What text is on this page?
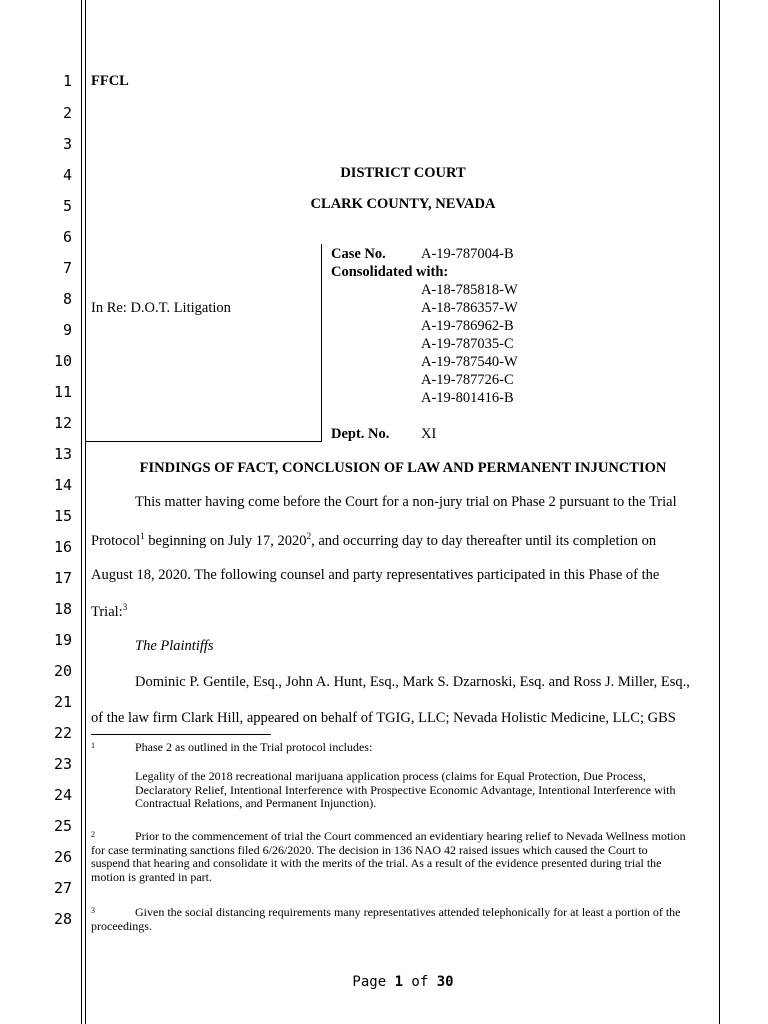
1
2
3
4
5
6
7
8
9
10
11
12
13
14
15
16
17
18
19
20
21
22
23
24
25
26
27
28
FFCL
DISTRICT COURT
CLARK COUNTY, NEVADA
In Re: D.O.T. Litigation
Case No. A-19-787004-B
Consolidated with:
A-18-785818-W
A-18-786357-W
A-19-786962-B
A-19-787035-C
A-19-787540-W
A-19-787726-C
A-19-801416-B
Dept. No. XI
FINDINGS OF FACT, CONCLUSION OF LAW AND PERMANENT INJUNCTION
This matter having come before the Court for a non-jury trial on Phase 2 pursuant to the Trial
Protocol$^1$ beginning on July 17, 2020$^2$, and occurring day to day thereafter until its completion on
August 18, 2020. The following counsel and party representatives participated in this Phase of the
Trial:$^3$
The Plaintiffs
Dominic P. Gentile, Esq., John A. Hunt, Esq., Mark S. Dzarnoski, Esq. and Ross J. Miller, Esq.,
of the law firm Clark Hill, appeared on behalf of TGIG, LLC; Nevada Holistic Medicine, LLC; GBS
1	Phase 2 as outlined in the Trial protocol includes:
Legality of the 2018 recreational marijuana application process (claims for Equal Protection, Due Process,
Declaratory Relief, Intentional Interference with Prospective Economic Advantage, Intentional Interference with
Contractual Relations, and Permanent Injunction).
2	Prior to the commencement of trial the Court commenced an evidentiary hearing relief to Nevada Wellness motion
for case terminating sanctions filed 6/26/2020. The decision in 136 NAO 42 raised issues which caused the Court to
suspend that hearing and consolidate it with the merits of the trial. As a result of the evidence presented during trial the
motion is granted in part.
3	Given the social distancing requirements many representatives attended telephonically for at least a portion of the
proceedings.
Page 1 of 30
